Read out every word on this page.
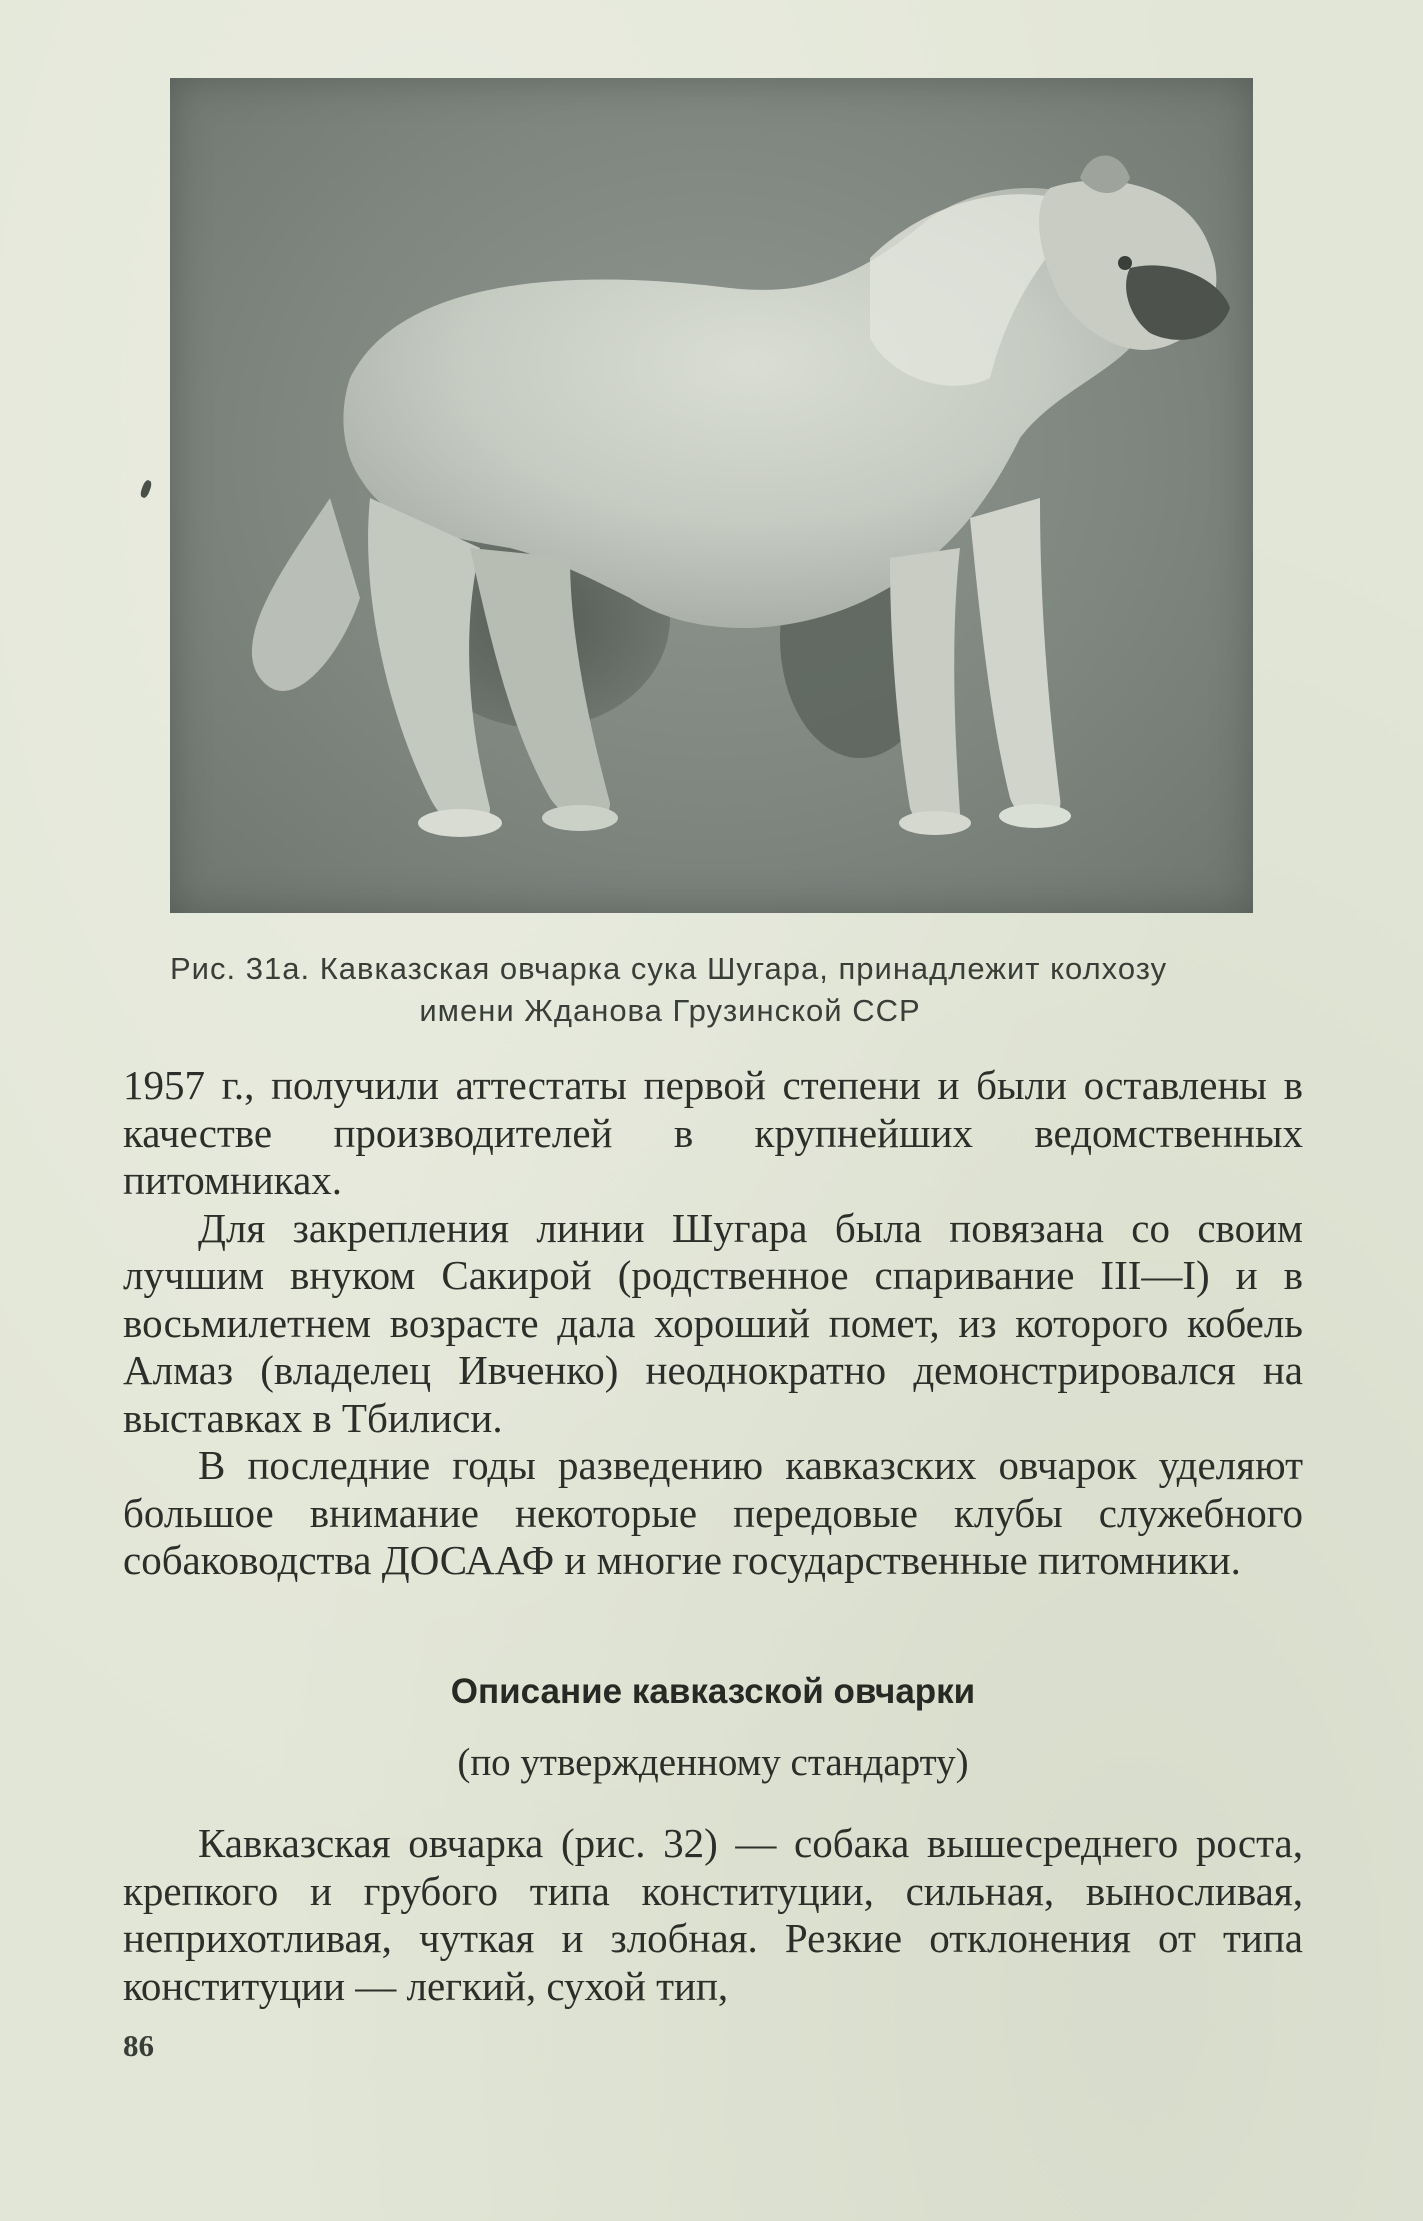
Рис. 31а. Кавказская овчарка сука Шугара, принадлежит колхозу
имени Жданова Грузинской ССР

1957 г., получили аттестаты первой степени и были оставлены в качестве производителей в крупнейших ведомственных питомниках.

Для закрепления линии Шугара была повязана со своим лучшим внуком Сакирой (родственное спаривание III—I) и в восьмилетнем возрасте дала хороший помет, из которого кобель Алмаз (владелец Ивченко) неоднократно демонстрировался на выставках в Тбилиси.

В последние годы разведению кавказских овчарок уделяют большое внимание некоторые передовые клубы служебного собаководства ДОСААФ и многие государственные питомники.

Описание кавказской овчарки
(по утвержденному стандарту)

Кавказская овчарка (рис. 32) — собака вышесреднего роста, крепкого и грубого типа конституции, сильная, выносливая, неприхотливая, чуткая и злобная. Резкие отклонения от типа конституции — легкий, сухой тип,

86
